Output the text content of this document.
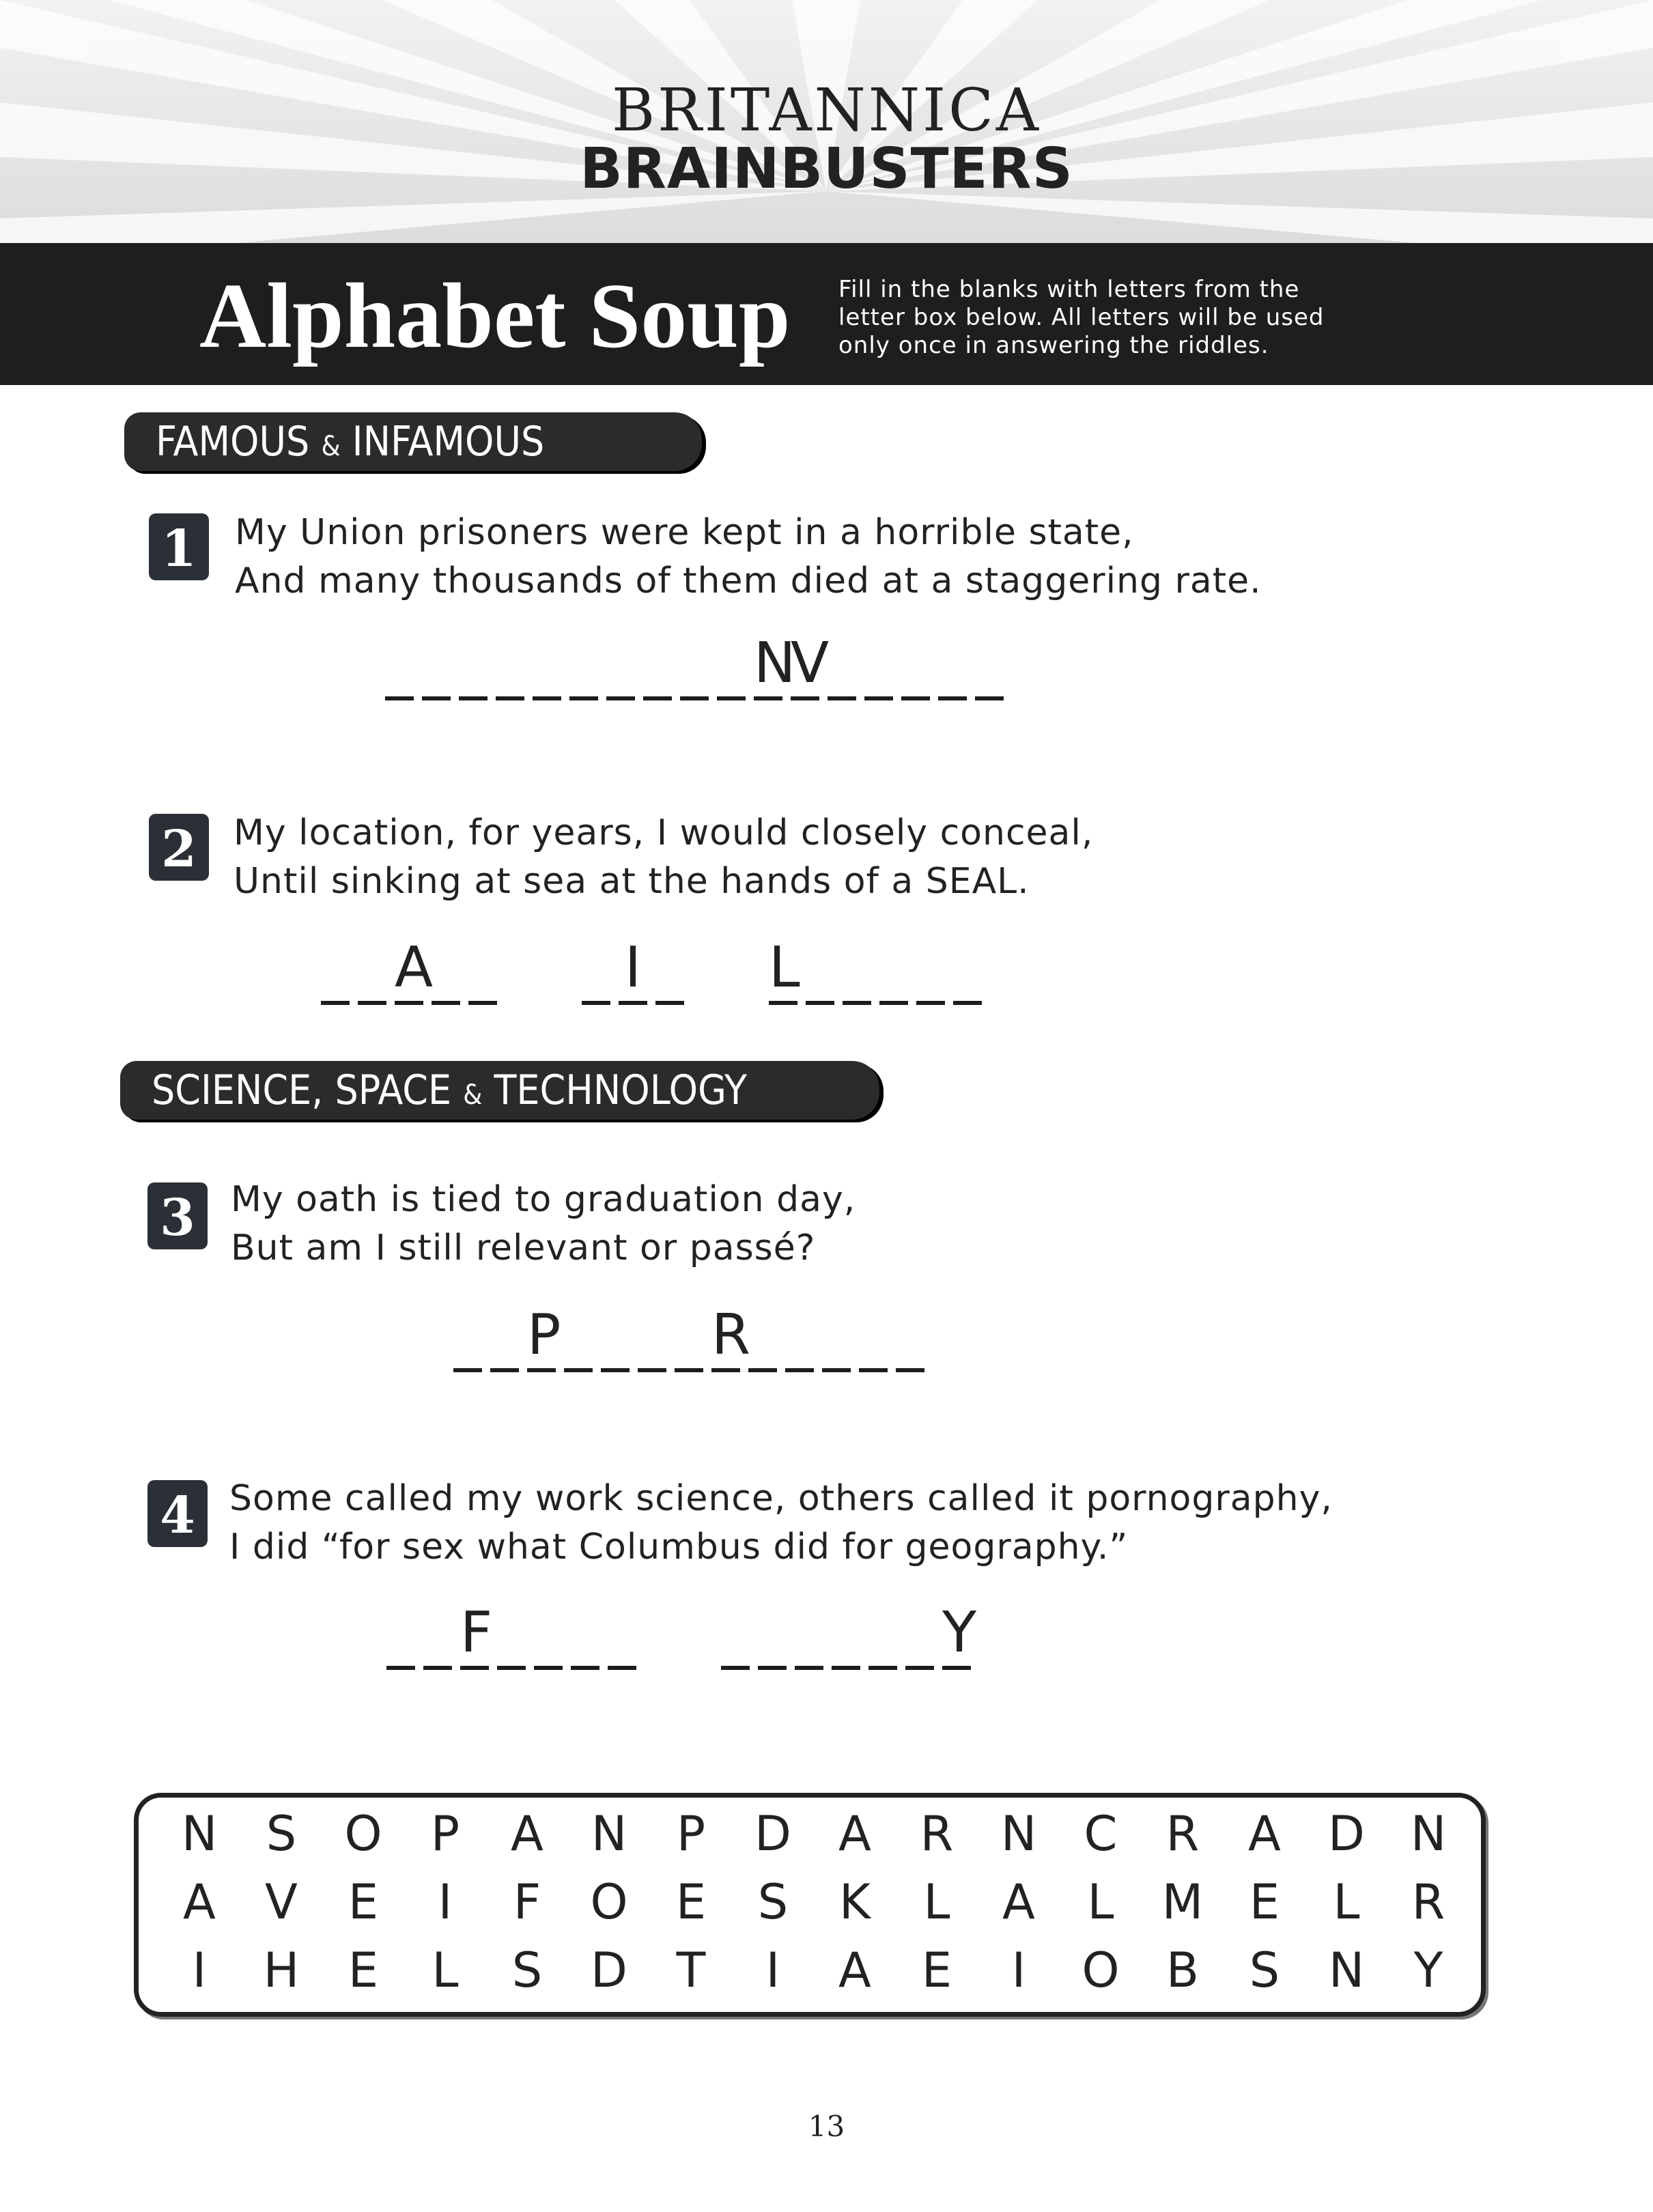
BRITANNICA
BRAINBUSTERS
Alphabet Soup Fill in the blanks with letters from the
letter box below. All letters will be used
only once in answering the riddles.
FAMOUS & INFAMOUS
1	My Union prisoners were kept in a horrible state,
And many thousands of them died at a staggering rate.
N
V
2	My location, for years, I would closely conceal,
Until sinking at sea at the hands of a SEAL.
A	I L
SCIENCE, SPACE & TECHNOLOGY
3	My oath is tied to graduation day,
But am I still relevant or passé?
P	R
4 Some called my work science, others called it pornography,
I did “for sex what Columbus did for geography.”
F	Y
N	S	O	P	A N	P	D A	R N C	R	A D N
A	V	E	I	F	O	E	S	K	L	A	L	M E	L	R
I	H	E	L	S	D	T	I	A	E	I	O B	S	N	Y
13
